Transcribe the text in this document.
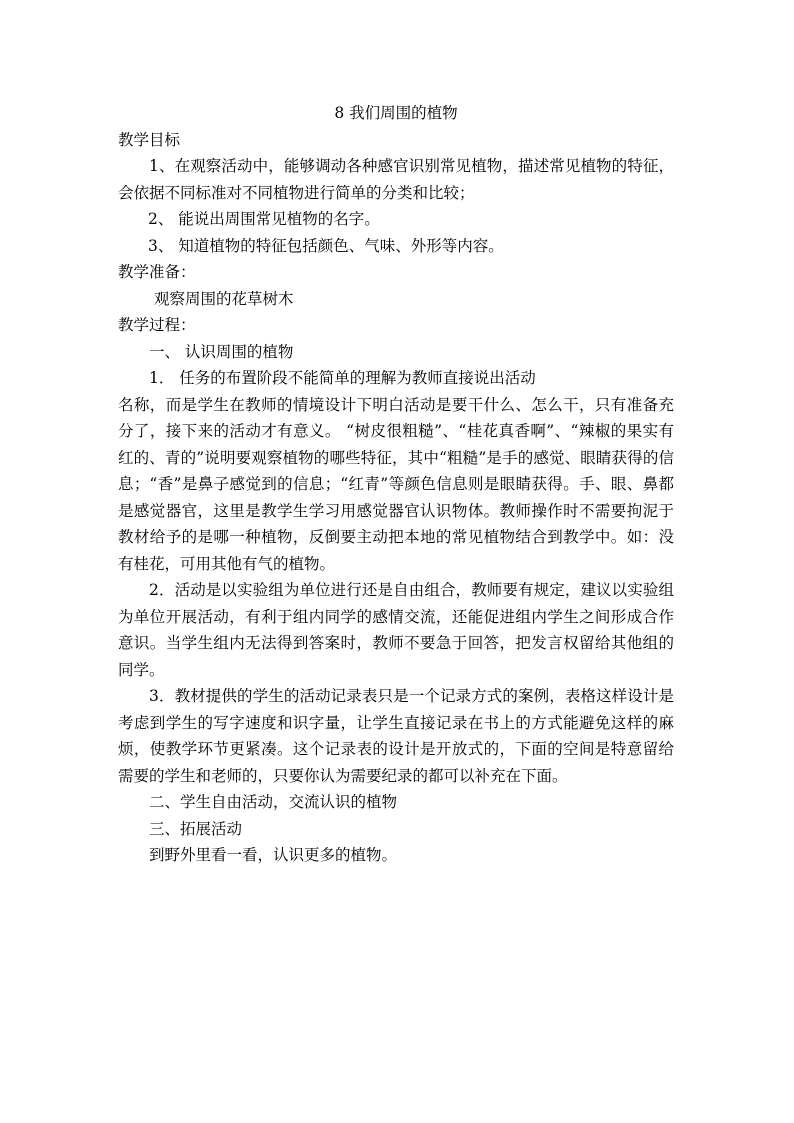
8 我们周围的植物

教学目标

1、在观察活动中，能够调动各种感官识别常见植物，描述常见植物的特征，会依据不同标准对不同植物进行简单的分类和比较；

2、 能说出周围常见植物的名字。

3、 知道植物的特征包括颜色、气味、外形等内容。

教学准备：

观察周围的花草树木

教学过程：

一、 认识周围的植物

1． 任务的布置阶段不能简单的理解为教师直接说出活动

名称，而是学生在教师的情境设计下明白活动是要干什么、怎么干，只有准备充分了，接下来的活动才有意义。 “树皮很粗糙”、“桂花真香啊”、“辣椒的果实有红的、青的”说明要观察植物的哪些特征，其中“粗糙”是手的感觉、眼睛获得的信息；“香”是鼻子感觉到的信息；“红青”等颜色信息则是眼睛获得。手、眼、鼻都是感觉器官，这里是教学生学习用感觉器官认识物体。教师操作时不需要拘泥于教材给予的是哪一种植物，反倒要主动把本地的常见植物结合到教学中。如：没有桂花，可用其他有气的植物。

2．活动是以实验组为单位进行还是自由组合，教师要有规定，建议以实验组为单位开展活动，有利于组内同学的感情交流，还能促进组内学生之间形成合作意识。当学生组内无法得到答案时，教师不要急于回答，把发言权留给其他组的同学。

3．教材提供的学生的活动记录表只是一个记录方式的案例，表格这样设计是考虑到学生的写字速度和识字量，让学生直接记录在书上的方式能避免这样的麻烦，使教学环节更紧凑。这个记录表的设计是开放式的，下面的空间是特意留给需要的学生和老师的，只要你认为需要纪录的都可以补充在下面。

二、学生自由活动，交流认识的植物

三、拓展活动

到野外里看一看，认识更多的植物。
